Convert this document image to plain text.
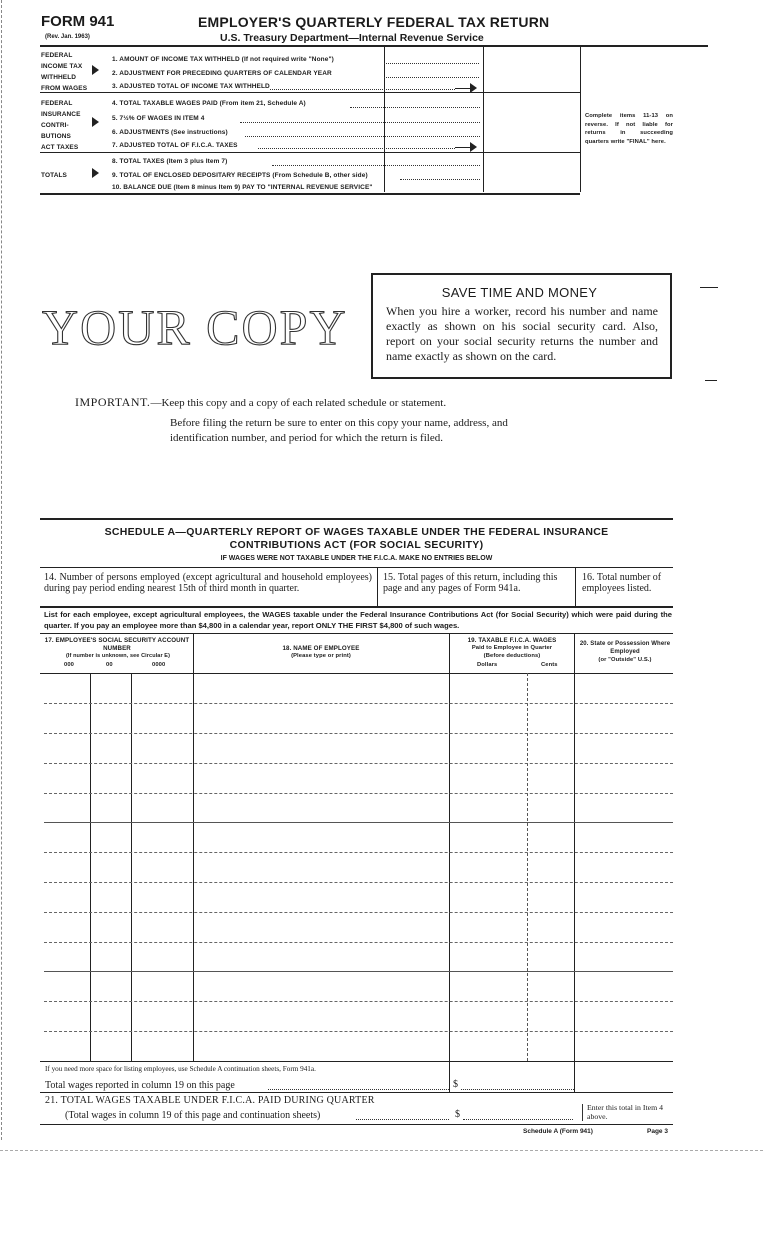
FORM 941
(Rev. Jan. 1963)
EMPLOYER'S QUARTERLY FEDERAL TAX RETURN
U.S. Treasury Department—Internal Revenue Service
FEDERAL
INCOME TAX
WITHHELD
FROM WAGES
FEDERAL
INSURANCE
CONTRI-
BUTIONS
ACT TAXES
TOTALS
1. AMOUNT OF INCOME TAX WITHHELD (If not required write "None")
2. ADJUSTMENT FOR PRECEDING QUARTERS OF CALENDAR YEAR
3. ADJUSTED TOTAL OF INCOME TAX WITHHELD
4. TOTAL TAXABLE WAGES PAID (From item 21, Schedule A)
5. 7½% OF WAGES IN ITEM 4
6. ADJUSTMENTS (See instructions)
7. ADJUSTED TOTAL OF F.I.C.A. TAXES
Complete items 11-13 on reverse. If not liable for returns in succeeding quarters write "FINAL" here.
8. TOTAL TAXES (Item 3 plus Item 7)
9. TOTAL OF ENCLOSED DEPOSITARY RECEIPTS (From Schedule B, other side)
10. BALANCE DUE (Item 8 minus Item 9) PAY TO "INTERNAL REVENUE SERVICE"
YOUR COPY
SAVE TIME AND MONEY
When you hire a worker, record his number and name exactly as shown on his social security card. Also, report on your social security returns the number and name exactly as shown on the card.
IMPORTANT.—Keep this copy and a copy of each related schedule or statement.
Before filing the return be sure to enter on this copy your name, address, and identification number, and period for which the return is filed.
SCHEDULE A—QUARTERLY REPORT OF WAGES TAXABLE UNDER THE FEDERAL INSURANCE
CONTRIBUTIONS ACT (FOR SOCIAL SECURITY)
IF WAGES WERE NOT TAXABLE UNDER THE F.I.C.A. MAKE NO ENTRIES BELOW
14. Number of persons employed (except agricultural and household employees) during pay period ending nearest 15th of third month in quarter.
15. Total pages of this return, including this page and any pages of Form 941a.
16. Total number of employees listed.
List for each employee, except agricultural employees, the WAGES taxable under the Federal Insurance Contributions Act (for Social Security) which were paid during the quarter. If you pay an employee more than $4,800 in a calendar year, report ONLY THE FIRST $4,800 of such wages.
17. EMPLOYEE'S SOCIAL SECURITY ACCOUNT NUMBER
(If number is unknown, see Circular E)
000	00	0000
18. NAME OF EMPLOYEE
(Please type or print)
19. TAXABLE F.I.C.A. WAGES
Paid to Employee in Quarter
(Before deductions)
Dollars	Cents
20. State or Possession Where Employed
(or "Outside" U.S.)
If you need more space for listing employees, use Schedule A continuation sheets, Form 941a.
Total wages reported in column 19 on this page	$
21. TOTAL WAGES TAXABLE UNDER F.I.C.A. PAID DURING QUARTER
(Total wages in column 19 of this page and continuation sheets)	$
Enter this total in Item 4 above.
Schedule A (Form 941)	Page 3
